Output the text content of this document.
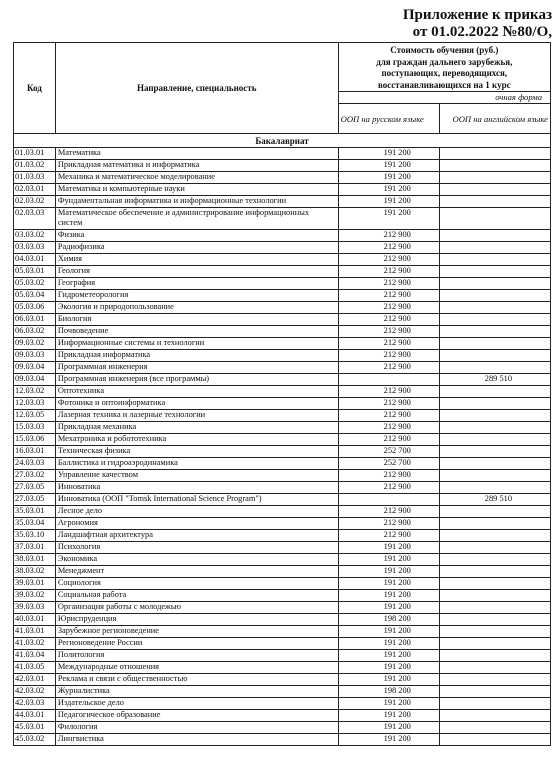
Приложение к приказ
от 01.02.2022 №80/О,
Код	Направление, специальность	Стоимость обучения (руб.)
для граждан дальнего зарубежья,
поступающих, переводящихся,
восстанавливающихся на 1 курс	

		очная форма	
		ООП на русском языке	ООП на английском языке
Бакалавриат			
01.03.01	Математика	191 200	
01.03.02	Прикладная математика и информатика	191 200	
01.03.03	Механика и математическое моделирование	191 200	
02.03.01	Математика и компьютерные науки	191 200	
02.03.02	Фундаментальная информатика и информационные технологии	191 200	
02.03.03	Математическое обеспечение и администрирование информационных систем	191 200	
03.03.02	Физика	212 900	
03.03.03	Радиофизика	212 900	
04.03.01	Химия	212 900	
05.03.01	Геология	212 900	
05.03.02	География	212 900	
05.03.04	Гидрометеорология	212 900	
05.03.06	Экология и природопользование	212 900	
06.03.01	Биология	212 900	
06.03.02	Почвоведение	212 900	
09.03.02	Информационные системы и технологии	212 900	
09.03.03	Прикладная информатика	212 900	
09.03.04	Программная инженерия	212 900	
09.03.04	Программная инженерия (все программы)		289 510
12.03.02	Оптотехника	212 900	
12.03.03	Фотоника и оптоинформатика	212 900	
12.03.05	Лазерная техника и лазерные технологии	212 900	
15.03.03	Прикладная механика	212 900	
15.03.06	Мехатроника и робототехника	212 900	
16.03.01	Техническая физика	252 700	
24.03.03	Баллистика и гидроаэродинамика	252 700	
27.03.02	Управление качеством	212 900	
27.03.05	Инноватика	212 900	
27.03.05	Инноватика (ООП "Tomsk International Science Program")		289 510
35.03.01	Лесное дело	212 900	
35.03.04	Агрономия	212 900	
35.03.10	Ландшафтная архитектура	212 900	
37.03.01	Психология	191 200	
38.03.01	Экономика	191 200	
38.03.02	Менеджмент	191 200	
39.03.01	Социология	191 200	
39.03.02	Социальная работа	191 200	
39.03.03	Организация работы с молодежью	191 200	
40.03.01	Юриспруденция	198 200	
41.03.01	Зарубежное регионоведение	191 200	
41.03.02	Регионоведение России	191 200	
41.03.04	Политология	191 200	
41.03.05	Международные отношения	191 200	
42.03.01	Реклама и связи с общественностью	191 200	
42.03.02	Журналистика	198 200	
42.03.03	Издательское дело	191 200	
44.03.01	Педагогическое образование	191 200	
45.03.01	Филология	191 200	
45.03.02	Лингвистика	191 200	
